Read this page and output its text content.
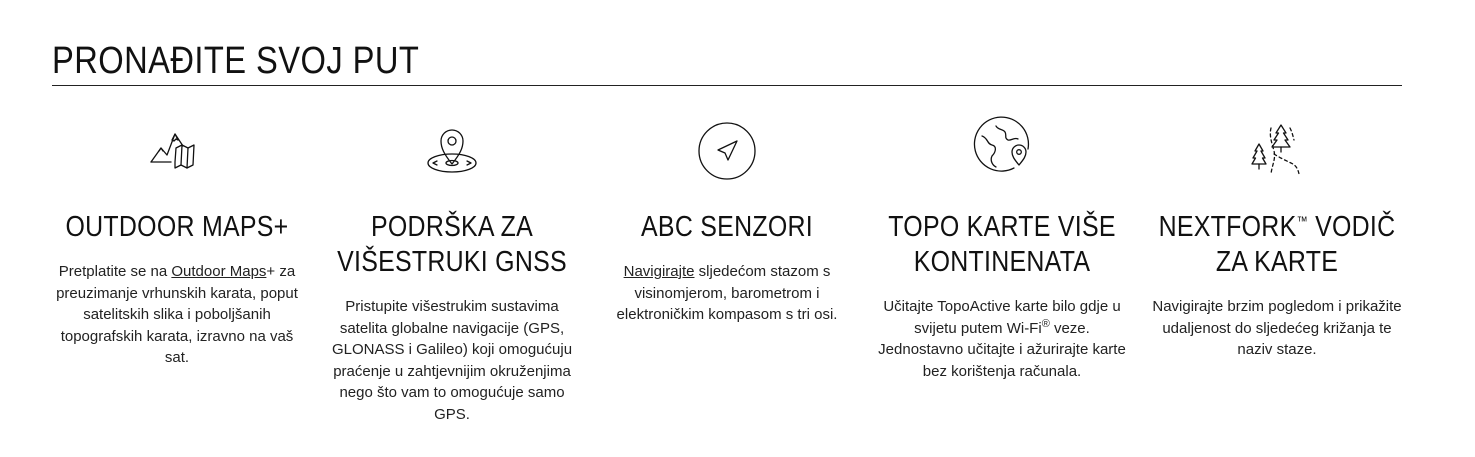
PRONAĐITE SVOJ PUT
OUTDOOR MAPS+

Pretplatite se na Outdoor Maps+ za preuzimanje vrhunskih karata, poput satelitskih slika i poboljšanih topografskih karata, izravno na vaš sat.

PODRŠKA ZA VIŠESTRUKI GNSS

Pristupite višestrukim sustavima satelita globalne navigacije (GPS, GLONASS i Galileo) koji omogućuju praćenje u zahtjevnijim okruženjima nego što vam to omogućuje samo GPS.

ABC SENZORI

Navigirajte sljedećom stazom s visinomjerom, barometrom i elektroničkim kompasom s tri osi.

TOPO KARTE VIŠE KONTINENATA

Učitajte TopoActive karte bilo gdje u svijetu putem Wi-Fi® veze. Jednostavno učitajte i ažurirajte karte bez korištenja računala.

NEXTFORK™ VODIČ ZA KARTE

Navigirajte brzim pogledom i prikažite udaljenost do sljedećeg križanja te naziv staze.
